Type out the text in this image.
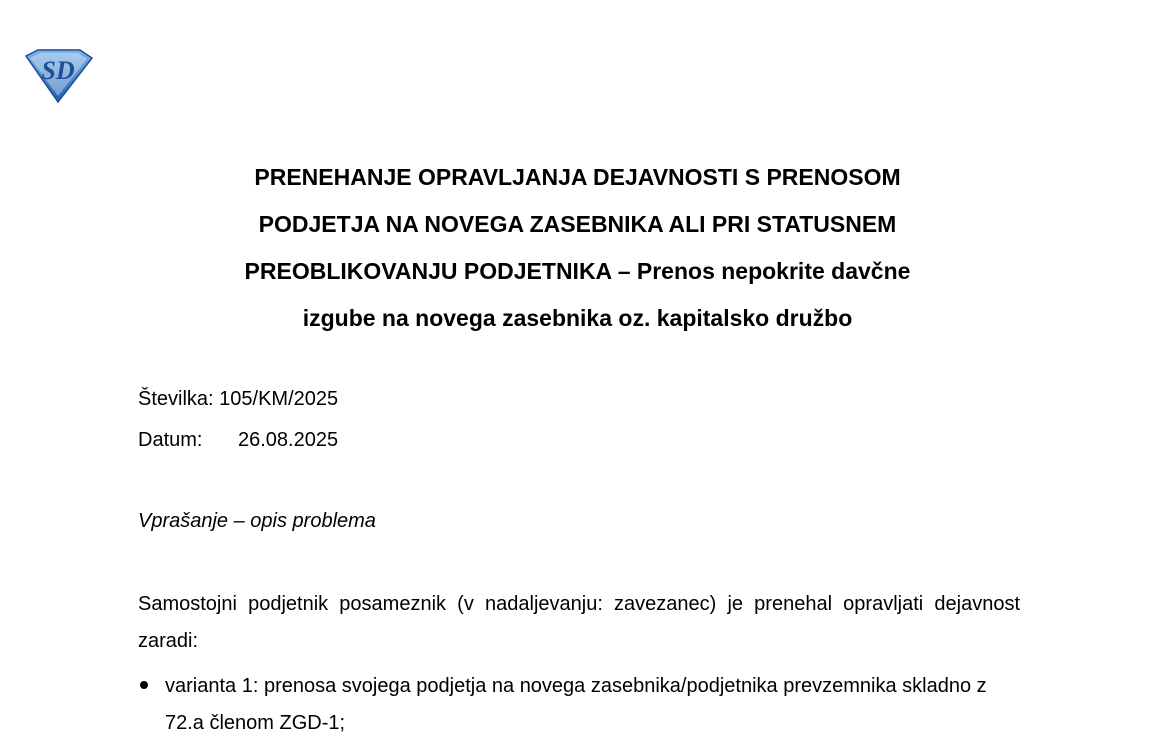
SD
PRENEHANJE OPRAVLJANJA DEJAVNOSTI S PRENOSOM
PODJETJA NA NOVEGA ZASEBNIKA ALI PRI STATUSNEM
PREOBLIKOVANJU PODJETNIKA – Prenos nepokrite davčne
izgube na novega zasebnika oz. kapitalsko družbo
Številka: 105/KM/2025
Datum: 26.08.2025
Vprašanje – opis problema

Samostojni podjetnik posameznik (v nadaljevanju: zavezanec) je prenehal opravljati dejavnost zaradi:

varianta 1: prenosa svojega podjetja na novega zasebnika/podjetnika prevzemnika skladno z 72.a členom ZGD-1;
